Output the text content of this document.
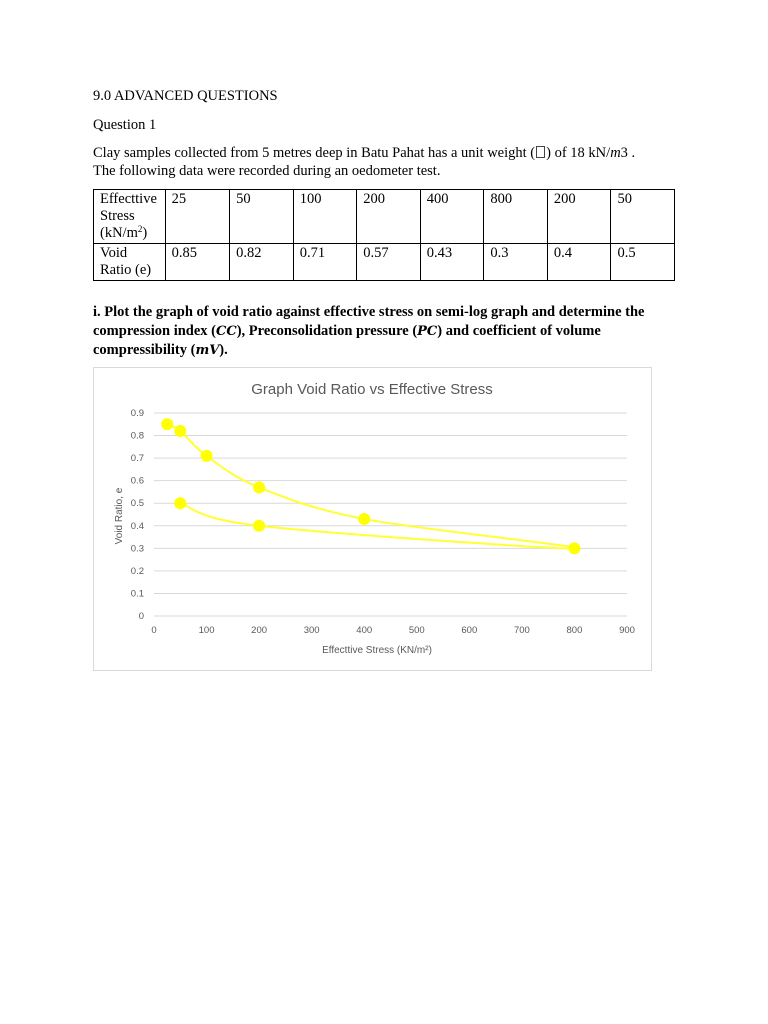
9.0 ADVANCED QUESTIONS
Question 1
Clay samples collected from 5 metres deep in Batu Pahat has a unit weight ( ) of 18 kN/m3 .
The following data were recorded during an oedometer test.
Effecttive Stress $(kN/m^2)$	25	50	100	200	400	800	200	50
Void Ratio (e)	0.85	0.82	0.71	0.57	0.43	0.3	0.4	0.5
i. Plot the graph of void ratio against effective stress on semi-log graph and determine the compression index (CC), Preconsolidation pressure (PC) and coefficient of volume compressibility (mV).
Graph Void Ratio vs Effective Stress
0
0.1
0.2
0.3
0.4
0.5
0.6
0.7
0.8
0.9
0	100	200	300	400	500	600	700	800	900
Effecttive Stress (KN/m²)
Void Ratio, e
